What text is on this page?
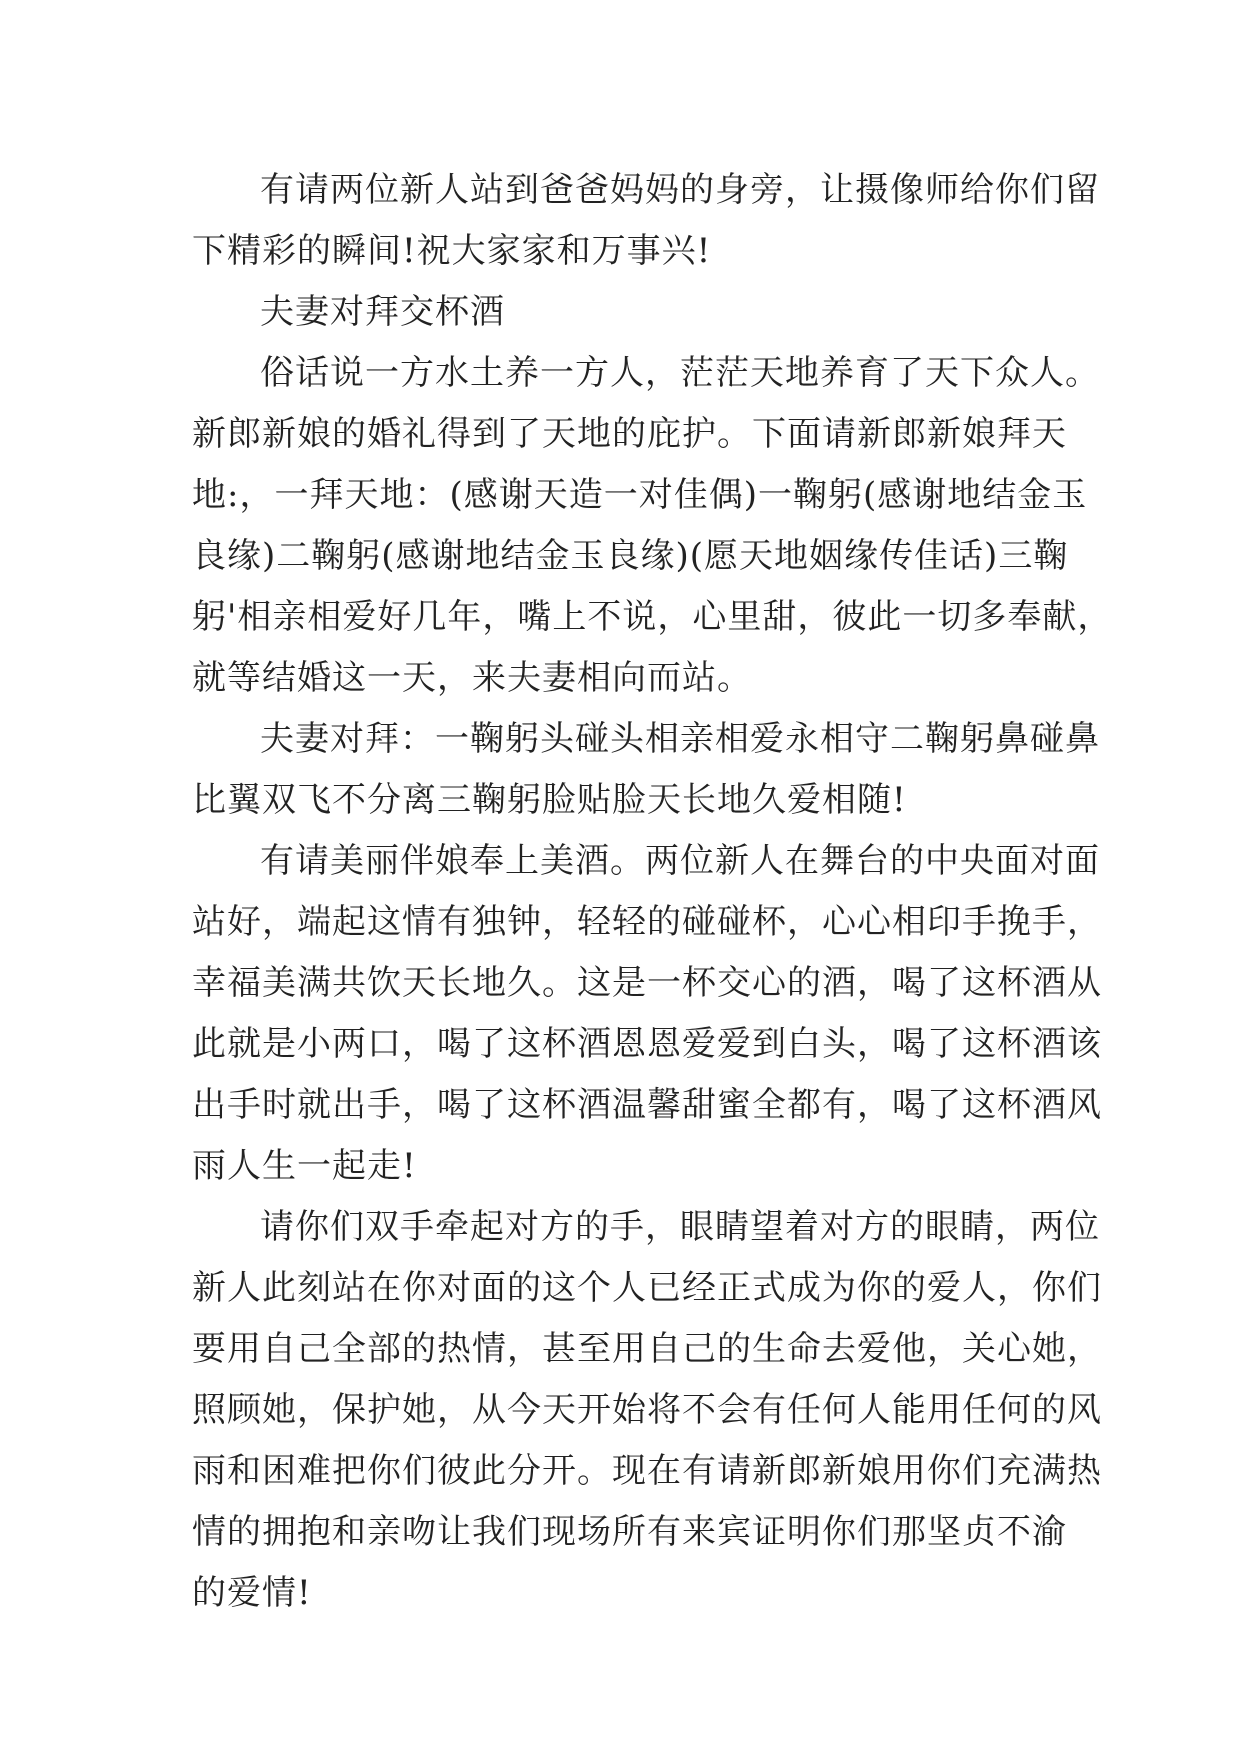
有请两位新人站到爸爸妈妈的身旁，让摄像师给你们留
下精彩的瞬间!祝大家家和万事兴!

夫妻对拜交杯酒

俗话说一方水土养一方人，茫茫天地养育了天下众人。
新郎新娘的婚礼得到了天地的庇护。下面请新郎新娘拜天
地:，一拜天地：(感谢天造一对佳偶)一鞠躬(感谢地结金玉
良缘)二鞠躬(感谢地结金玉良缘)(愿天地姻缘传佳话)三鞠
躬'相亲相爱好几年，嘴上不说，心里甜，彼此一切多奉献，
就等结婚这一天，来夫妻相向而站。

夫妻对拜：一鞠躬头碰头相亲相爱永相守二鞠躬鼻碰鼻
比翼双飞不分离三鞠躬脸贴脸天长地久爱相随!

有请美丽伴娘奉上美酒。两位新人在舞台的中央面对面
站好，端起这情有独钟，轻轻的碰碰杯，心心相印手挽手，
幸福美满共饮天长地久。这是一杯交心的酒，喝了这杯酒从
此就是小两口，喝了这杯酒恩恩爱爱到白头，喝了这杯酒该
出手时就出手，喝了这杯酒温馨甜蜜全都有，喝了这杯酒风
雨人生一起走!

请你们双手牵起对方的手，眼睛望着对方的眼睛，两位
新人此刻站在你对面的这个人已经正式成为你的爱人，你们
要用自己全部的热情，甚至用自己的生命去爱他，关心她，
照顾她，保护她，从今天开始将不会有任何人能用任何的风
雨和困难把你们彼此分开。现在有请新郎新娘用你们充满热
情的拥抱和亲吻让我们现场所有来宾证明你们那坚贞不渝
的爱情!
